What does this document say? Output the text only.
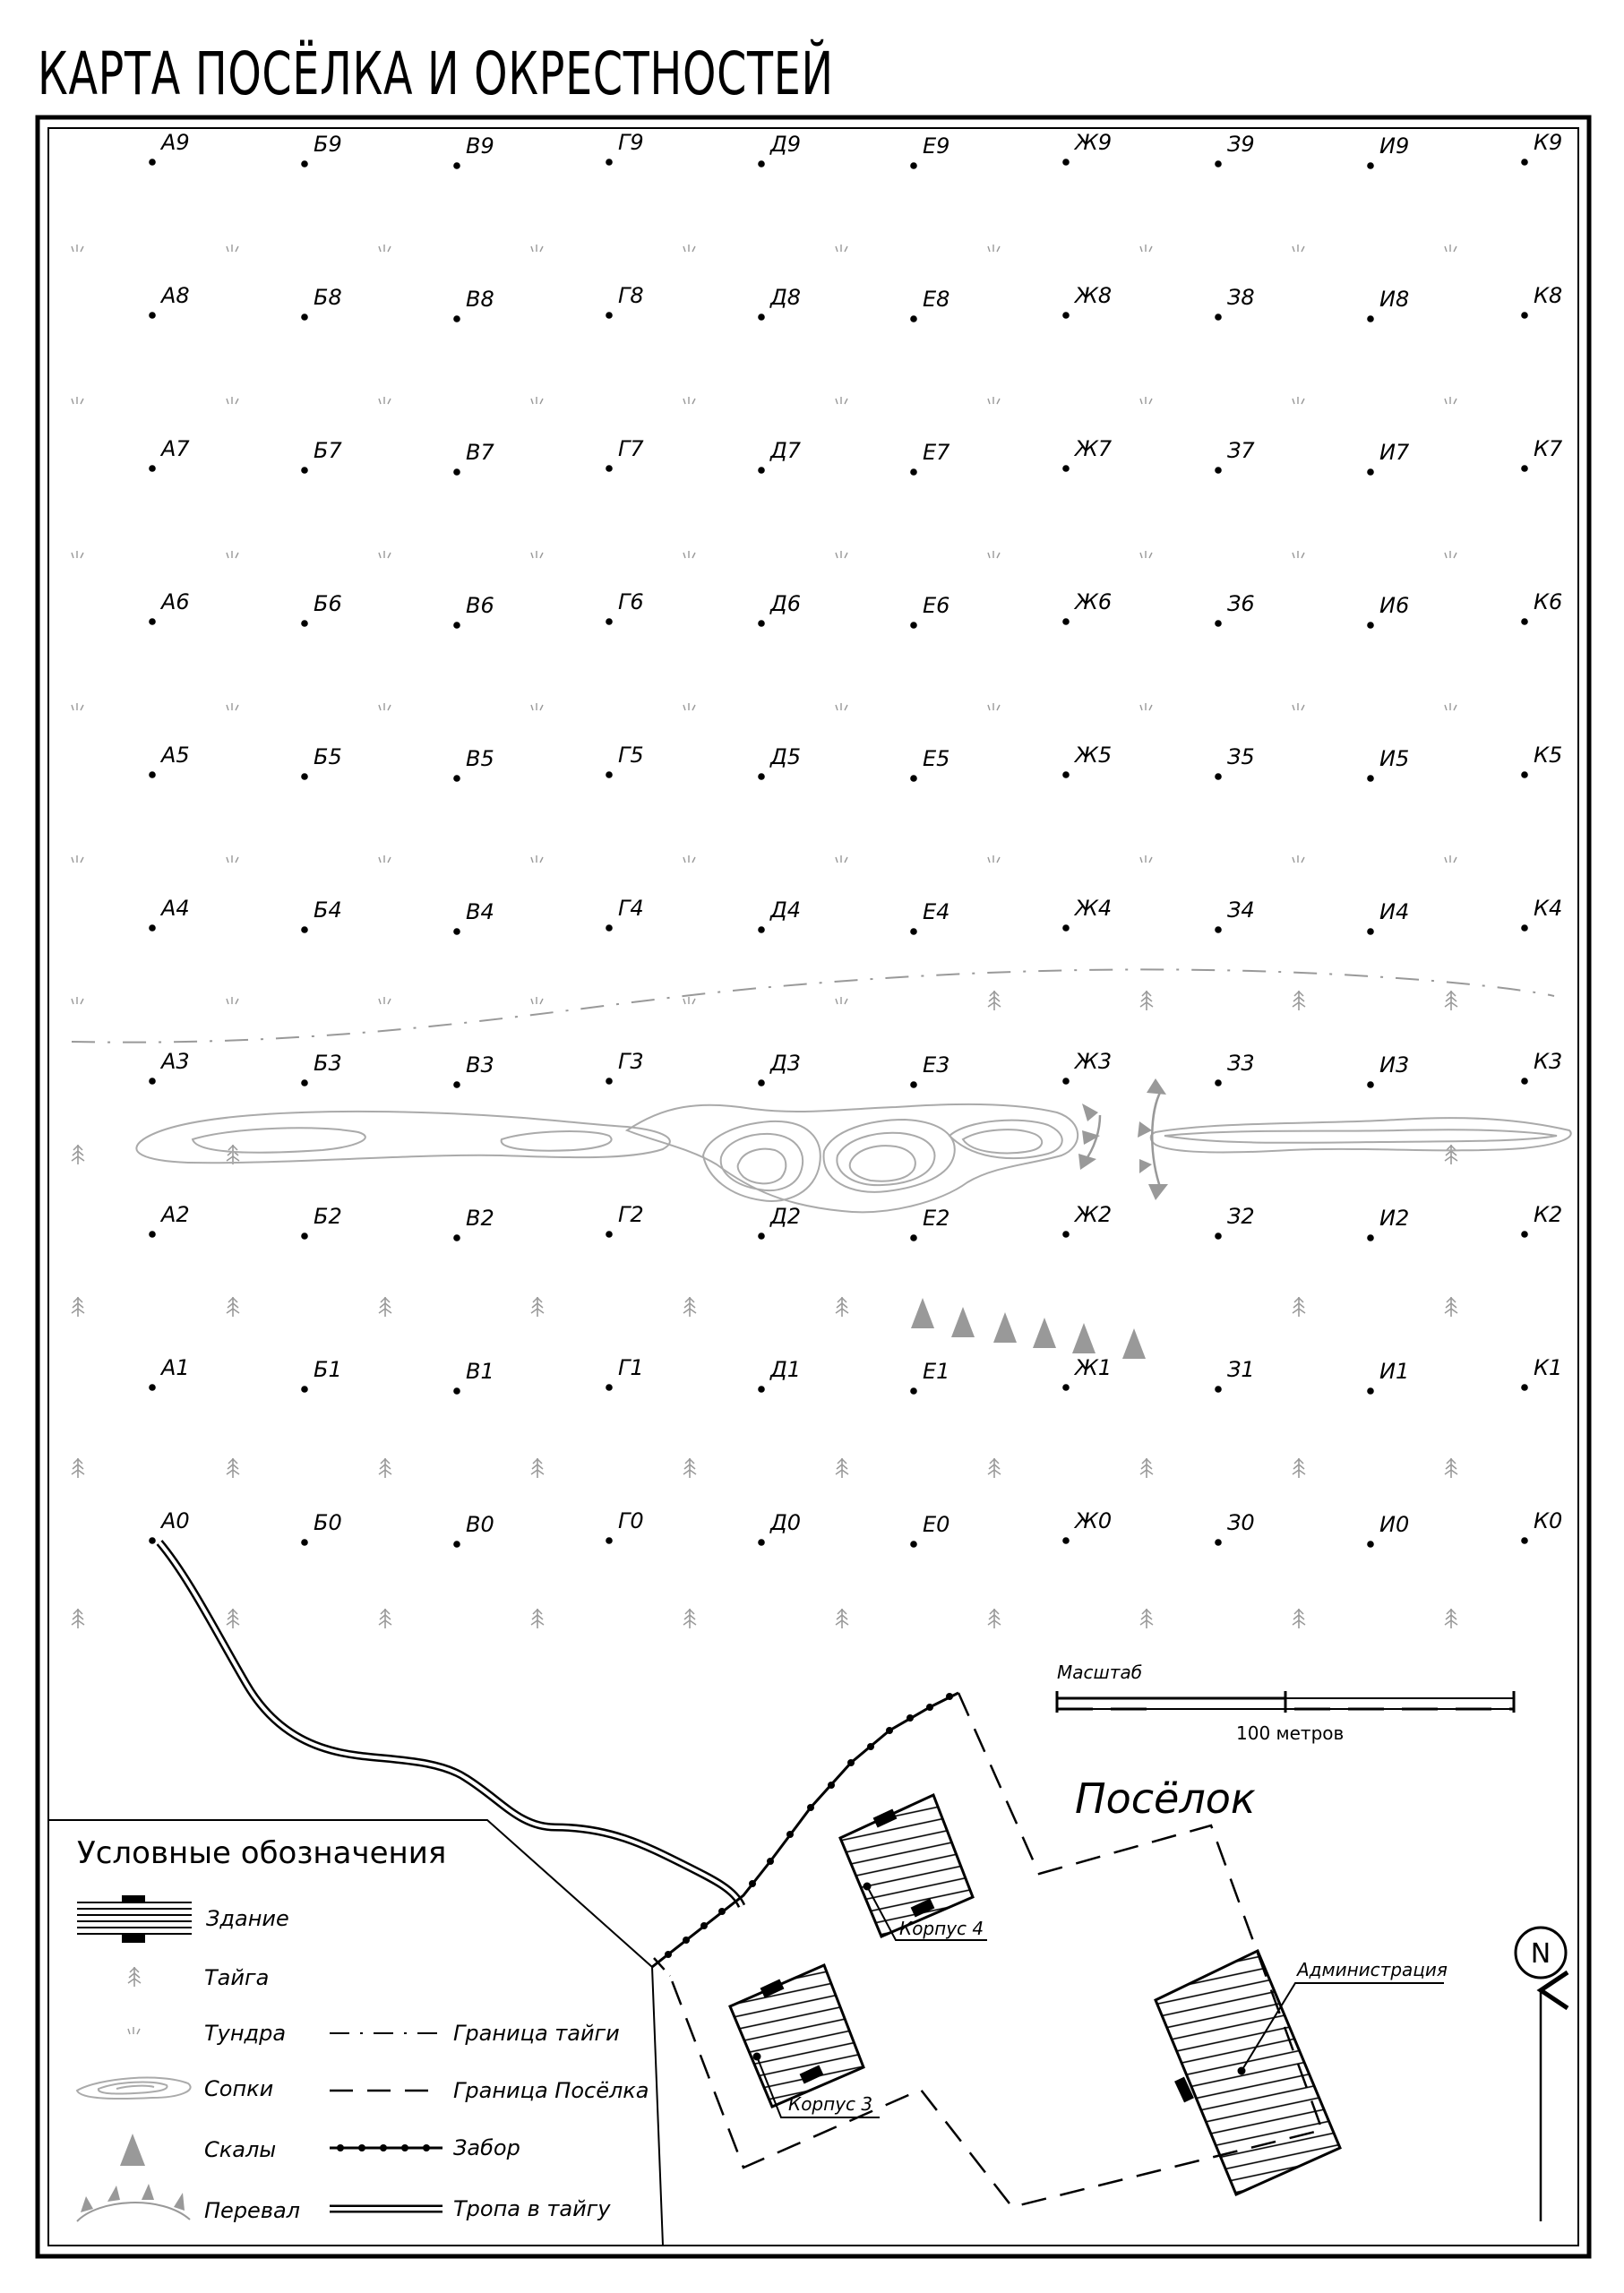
КАРТА ПОСЁЛКА И ОКРЕСТНОСТЕЙ
А0	Б0	В0	Г0	Д0	Е0	Ж0	З0	И0	К0
А1	Б1	В1	Г1	Д1	Е1	Ж1	З1	И1	К1
А2	Б2	В2	Г2	Д2	Е2	Ж2	З2	И2	К2
А3	Б3	В3	Г3	Д3	Е3	Ж3	З3	И3	К3
А4	Б4	В4	Г4	Д4	Е4	Ж4	З4	И4	К4
А5	Б5	В5	Г5	Д5	Е5	Ж5	З5	И5	К5
А6	Б6	В6	Г6	Д6	Е6	Ж6	З6	И6	К6
А7	Б7	В7	Г7	Д7	Е7	Ж7	З7	И7	К7
А8	Б8	В8	Г8	Д8	Е8	Ж8	З8	И8	К8
А9	Б9	В9	Г9	Д9	Е9	Ж9	З9	И9	К9
Корпус 4
Корпус 3
Администрация
Посёлок
Масштаб
100 метров
N
Условные обозначения
Здание
Тайга
Тундра
Сопки
Скалы
Перевал
Граница тайги
Граница Посёлка
Забор
Тропа в тайгу
